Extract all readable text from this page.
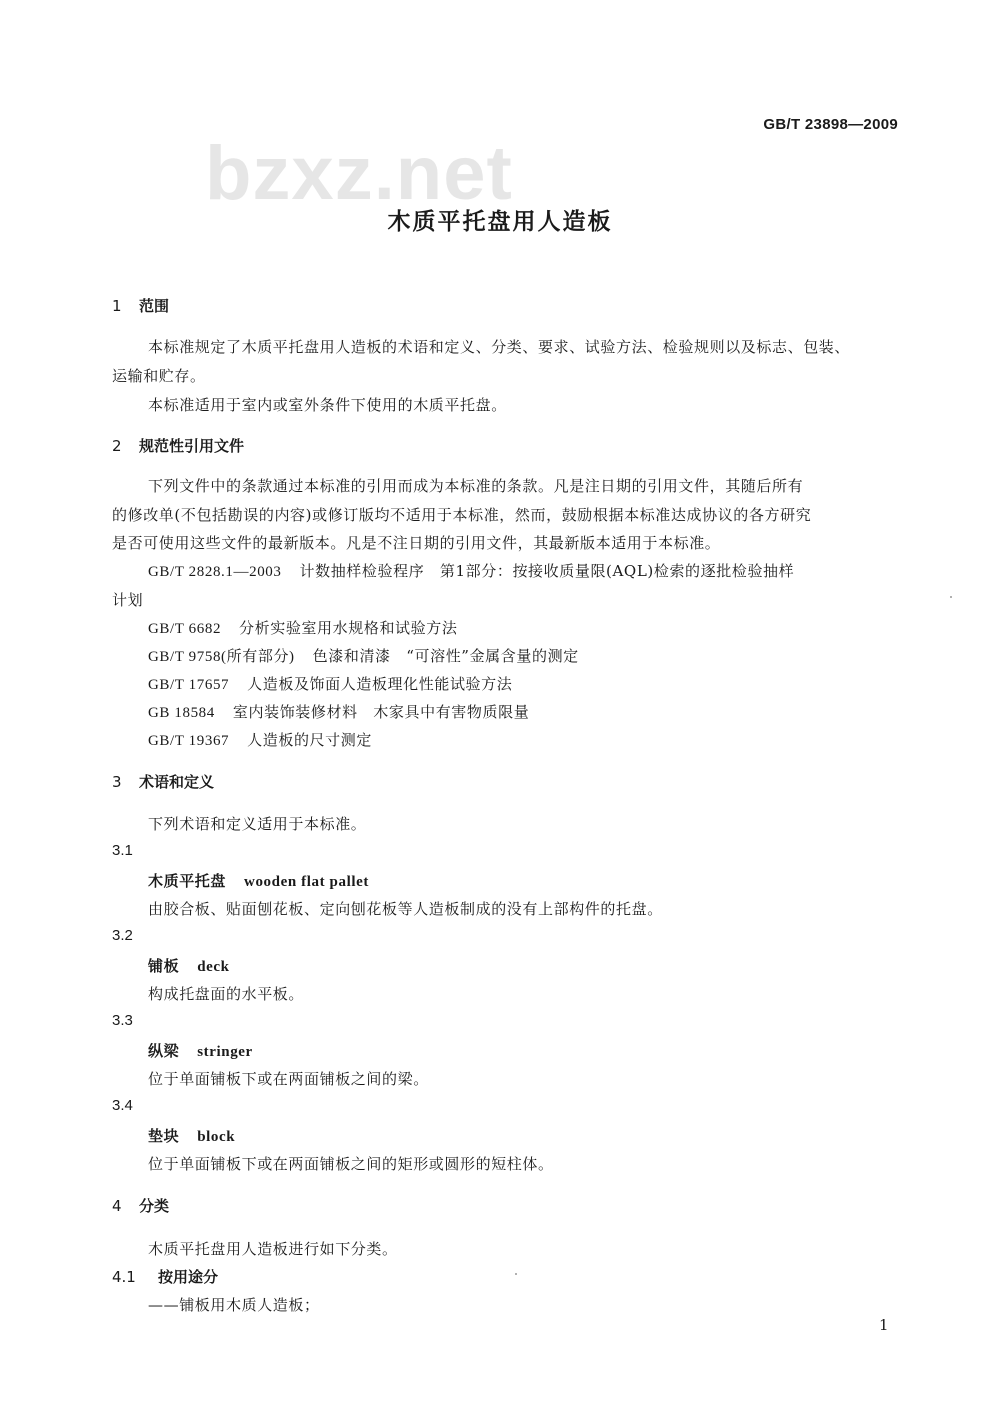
GB/T 23898—2009
bzxz.net
木质平托盘用人造板
1 范围
本标准规定了木质平托盘用人造板的术语和定义、分类、要求、试验方法、检验规则以及标志、包装、
运输和贮存。
本标准适用于室内或室外条件下使用的木质平托盘。
2 规范性引用文件
下列文件中的条款通过本标准的引用而成为本标准的条款。凡是注日期的引用文件，其随后所有
的修改单(不包括勘误的内容)或修订版均不适用于本标准，然而，鼓励根据本标准达成协议的各方研究
是否可使用这些文件的最新版本。凡是不注日期的引用文件，其最新版本适用于本标准。
GB/T 2828.1—2003 计数抽样检验程序　第1部分：按接收质量限(AQL)检索的逐批检验抽样
计划
GB/T 6682 分析实验室用水规格和试验方法
GB/T 9758(所有部分) 色漆和清漆　“可溶性”金属含量的测定
GB/T 17657 人造板及饰面人造板理化性能试验方法
GB 18584 室内装饰装修材料　木家具中有害物质限量
GB/T 19367 人造板的尺寸测定
3 术语和定义
下列术语和定义适用于本标准。
3.1
木质平托盘 wooden flat pallet
由胶合板、贴面刨花板、定向刨花板等人造板制成的没有上部构件的托盘。
3.2
铺板 deck
构成托盘面的水平板。
3.3
纵梁 stringer
位于单面铺板下或在两面铺板之间的梁。
3.4
垫块 block
位于单面铺板下或在两面铺板之间的矩形或圆形的短柱体。
4 分类
木质平托盘用人造板进行如下分类。
4.1 按用途分
——铺板用木质人造板；
1
